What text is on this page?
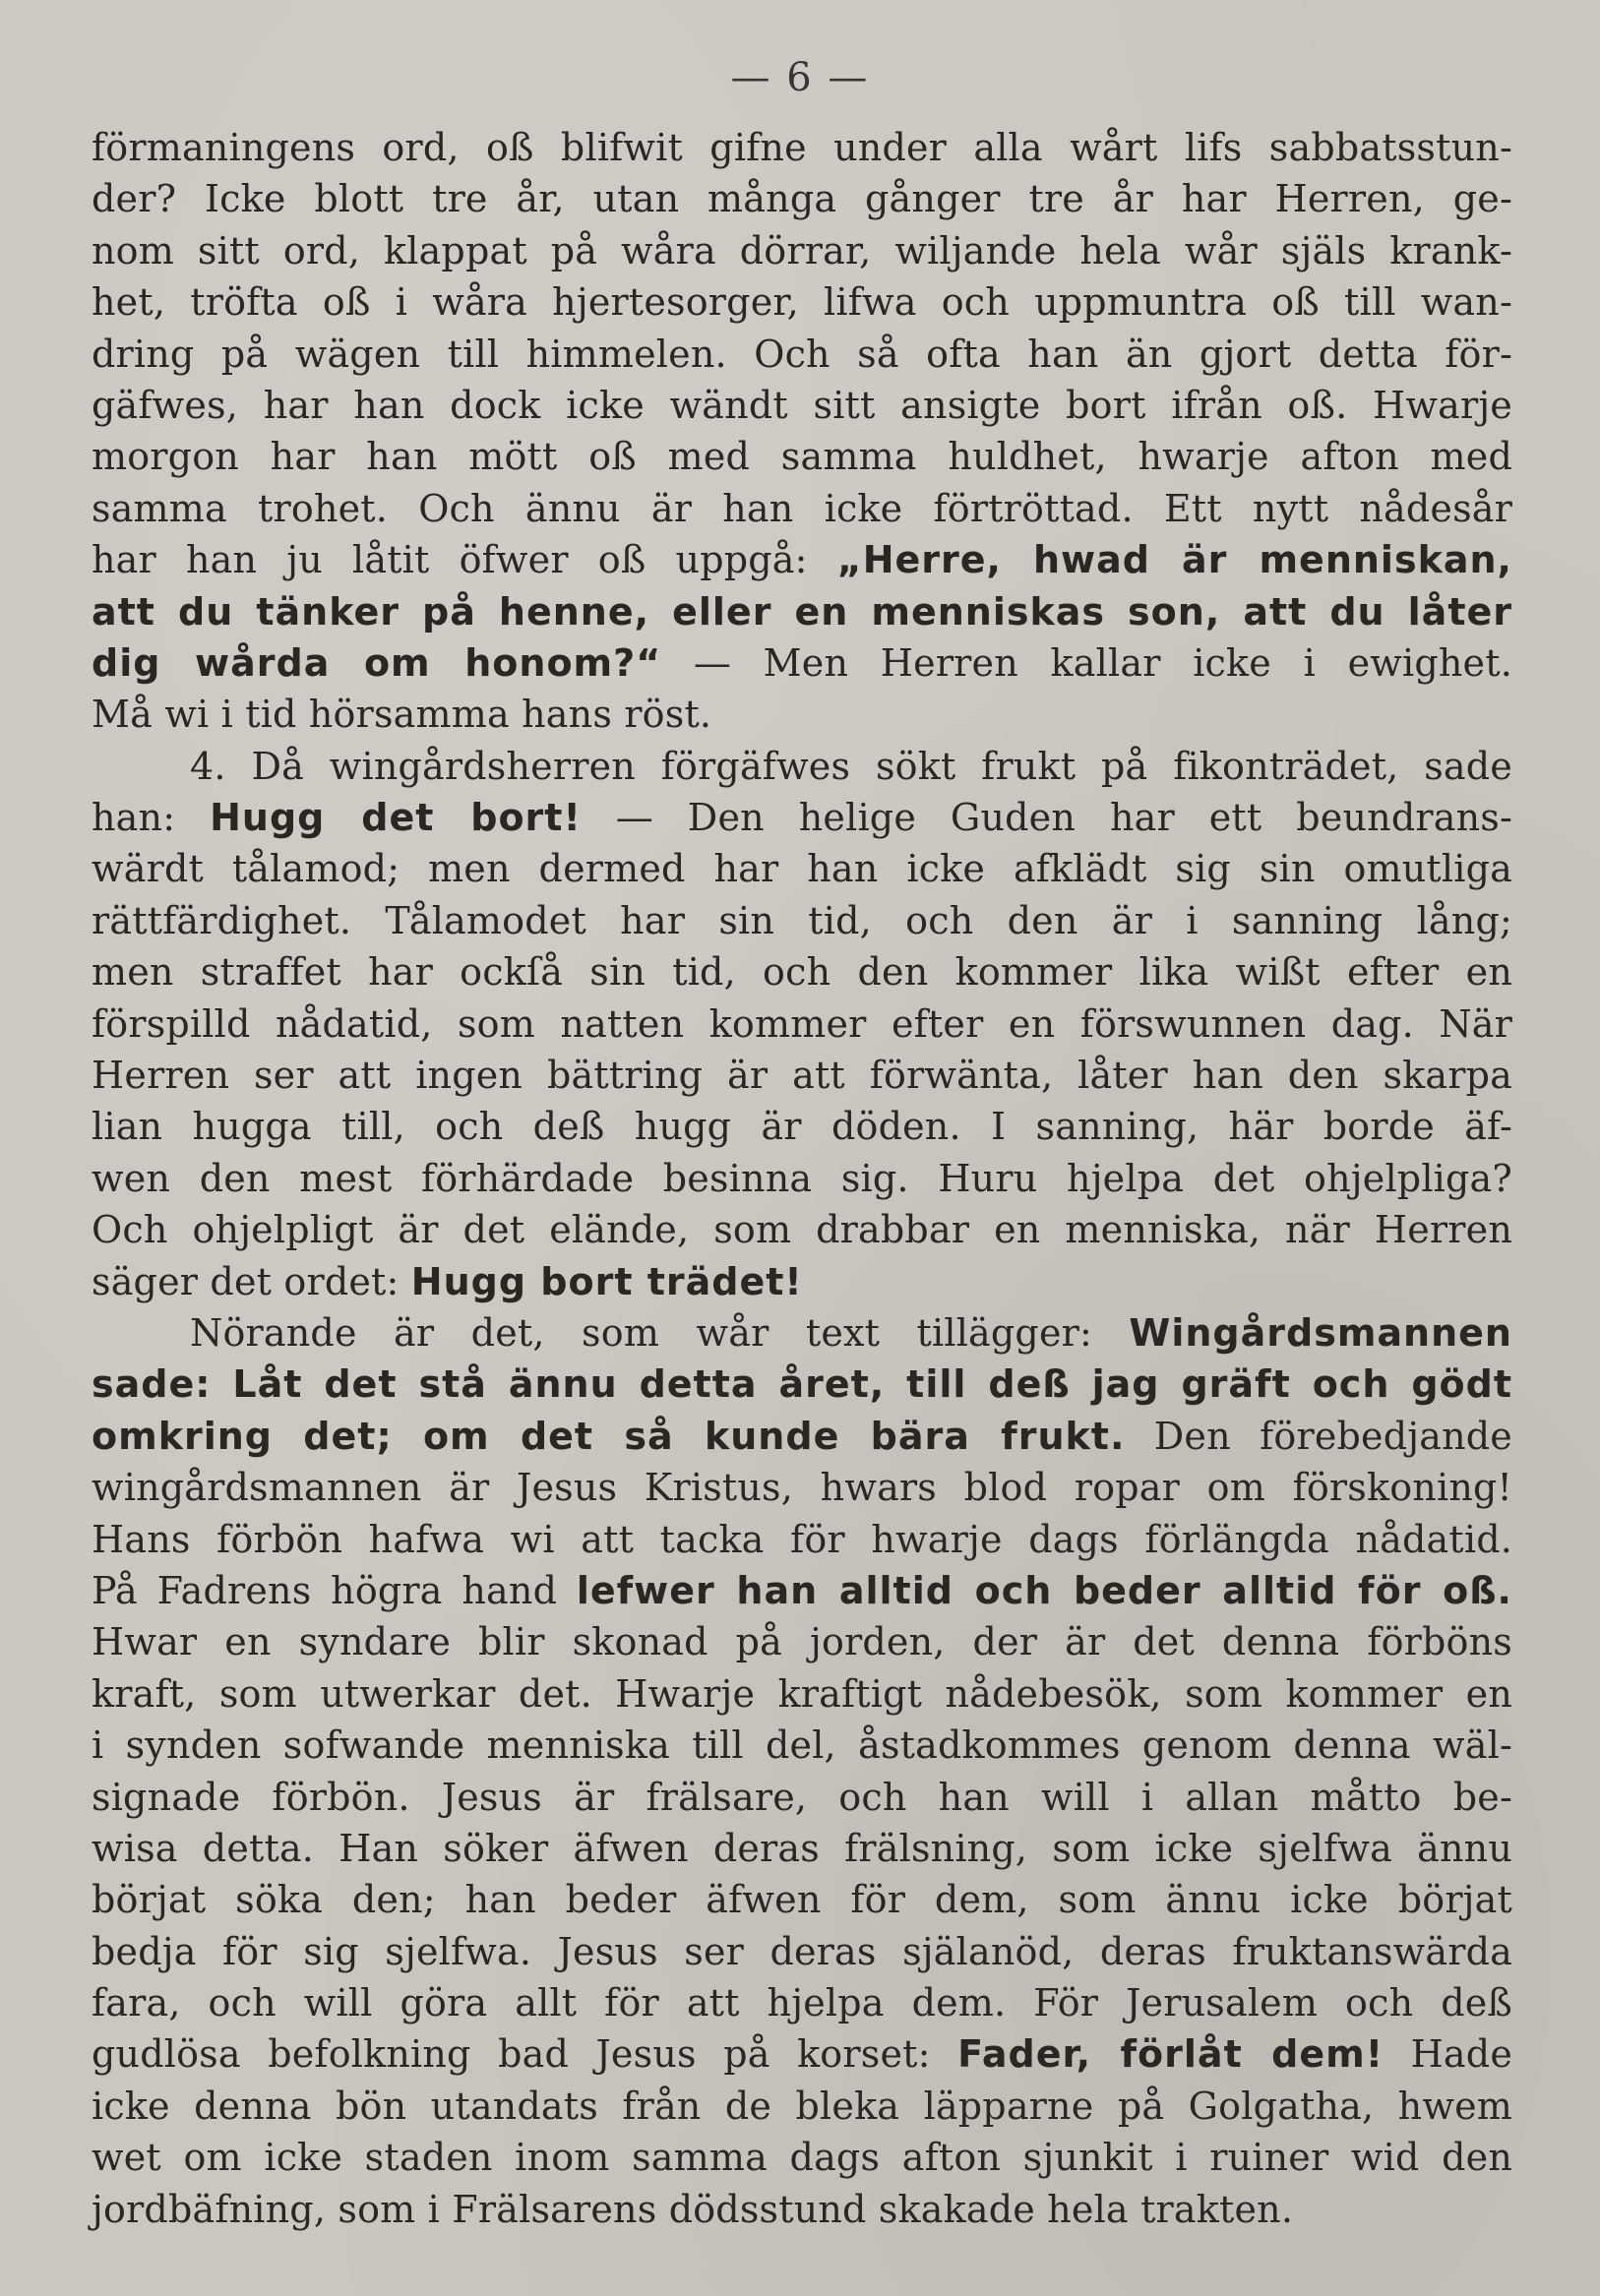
— 6 —
förmaningens ord, oß blifwit gifne under alla wårt lifs sabbatsstun-
der? Icke blott tre år, utan många gånger tre år har Herren, ge-
nom sitt ord, klappat på wåra dörrar, wiljande hela wår själs krank-
het, tröfta oß i wåra hjertesorger, lifwa och uppmuntra oß till wan-
dring på wägen till himmelen. Och så ofta han än gjort detta för-
gäfwes, har han dock icke wändt sitt ansigte bort ifrån oß. Hwarje
morgon har han mött oß med samma huldhet, hwarje afton med
samma trohet. Och ännu är han icke förtröttad. Ett nytt nådesår
har han ju låtit öfwer oß uppgå: „Herre, hwad är menniskan,
att du tänker på henne, eller en menniskas son, att du låter
dig wårda om honom?“ — Men Herren kallar icke i ewighet.
Må wi i tid hörsamma hans röst.
4. Då wingårdsherren förgäfwes sökt frukt på fikonträdet, sade
han: Hugg det bort! — Den helige Guden har ett beundrans-
wärdt tålamod; men dermed har han icke afklädt sig sin omutliga
rättfärdighet. Tålamodet har sin tid, och den är i sanning lång;
men straffet har ockſå sin tid, och den kommer lika wißt efter en
förspilld nådatid, som natten kommer efter en förswunnen dag. När
Herren ser att ingen bättring är att förwänta, låter han den skarpa
lian hugga till, och deß hugg är döden. I sanning, här borde äf-
wen den mest förhärdade besinna sig. Huru hjelpa det ohjelpliga?
Och ohjelpligt är det elände, som drabbar en menniska, när Herren
säger det ordet: Hugg bort trädet!
Nörande är det, som wår text tillägger: Wingårdsmannen
sade: Låt det stå ännu detta året, till deß jag gräft och gödt
omkring det; om det så kunde bära frukt. Den förebedjande
wingårdsmannen är Jesus Kristus, hwars blod ropar om förskoning!
Hans förbön hafwa wi att tacka för hwarje dags förlängda nådatid.
På Fadrens högra hand lefwer han alltid och beder alltid för oß.
Hwar en syndare blir skonad på jorden, der är det denna förböns
kraft, som utwerkar det. Hwarje kraftigt nådebesök, som kommer en
i synden sofwande menniska till del, åstadkommes genom denna wäl-
signade förbön. Jesus är frälsare, och han will i allan måtto be-
wisa detta. Han söker äfwen deras frälsning, som icke sjelfwa ännu
börjat söka den; han beder äfwen för dem, som ännu icke börjat
bedja för sig sjelfwa. Jesus ser deras själanöd, deras fruktanswärda
fara, och will göra allt för att hjelpa dem. För Jerusalem och deß
gudlösa befolkning bad Jesus på korset: Fader, förlåt dem! Hade
icke denna bön utandats från de bleka läpparne på Golgatha, hwem
wet om icke staden inom samma dags afton sjunkit i ruiner wid den
jordbäfning, som i Frälsarens dödsstund skakade hela trakten.
